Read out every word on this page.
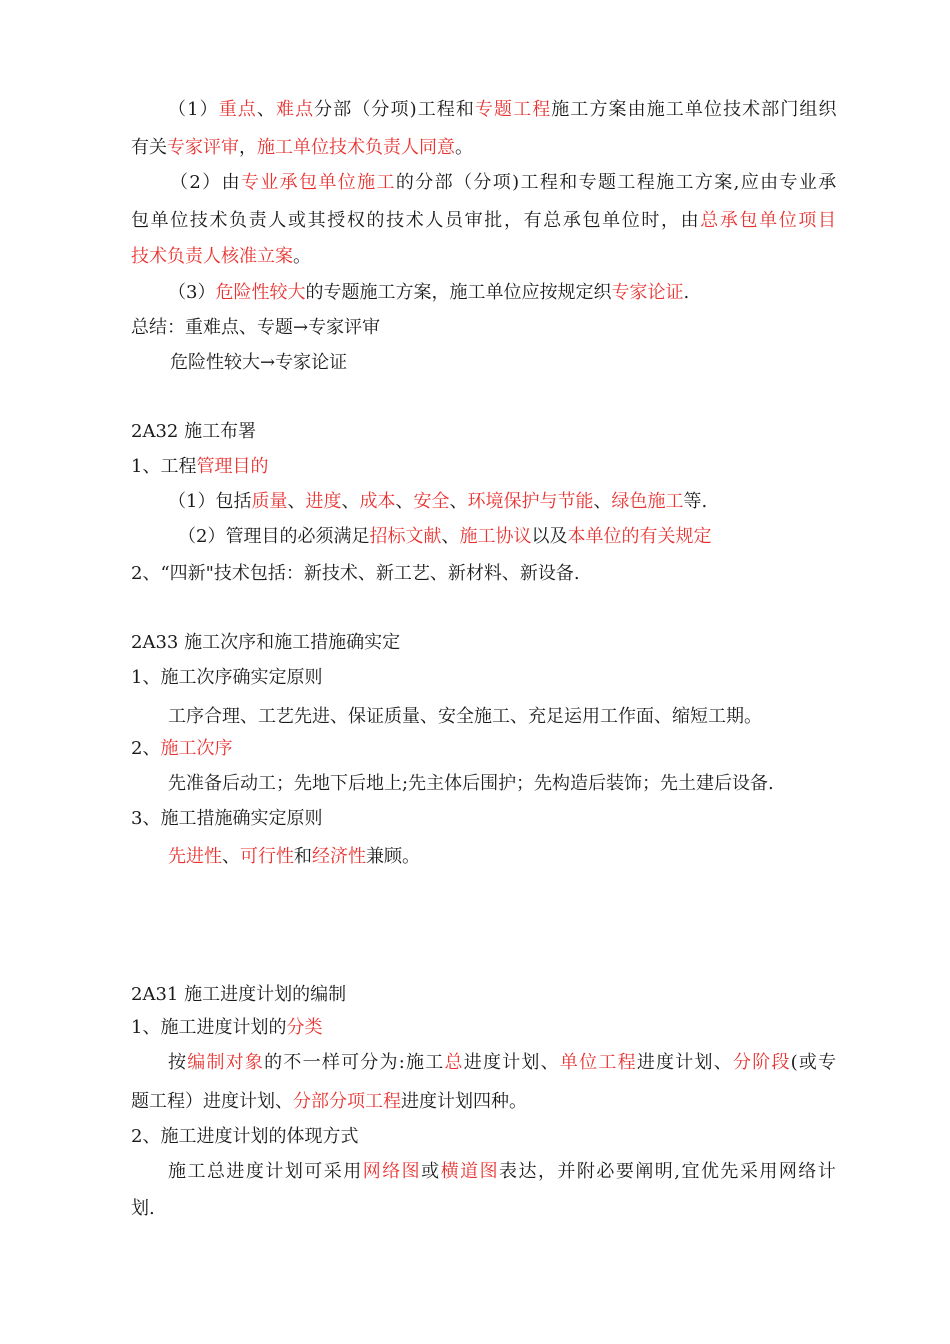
（1）重点、难点分部（分项)工程和专题工程施工方案由施工单位技术部门组织
有关专家评审，施工单位技术负责人同意。
（2）由专业承包单位施工的分部（分项)工程和专题工程施工方案,应由专业承
包单位技术负责人或其授权的技术人员审批，有总承包单位时，由总承包单位项目
技术负责人核准立案。
（3）危险性较大的专题施工方案，施工单位应按规定织专家论证.
总结：重难点、专题→专家评审
危险性较大→专家论证
2A32 施工布署
1、工程管理目的
（1）包括质量、进度、成本、安全、环境保护与节能、绿色施工等.
（2）管理目的必须满足招标文献、施工协议以及本单位的有关规定
2、“四新"技术包括：新技术、新工艺、新材料、新设备.
2A33 施工次序和施工措施确实定
1、施工次序确实定原则
工序合理、工艺先进、保证质量、安全施工、充足运用工作面、缩短工期。
2、施工次序
先准备后动工；先地下后地上;先主体后围护；先构造后装饰；先土建后设备.
3、施工措施确实定原则
先进性、可行性和经济性兼顾。
2A31 施工进度计划的编制
1、施工进度计划的分类
按编制对象的不一样可分为:施工总进度计划、单位工程进度计划、分阶段(或专
题工程）进度计划、分部分项工程进度计划四种。
2、施工进度计划的体现方式
施工总进度计划可采用网络图或横道图表达，并附必要阐明,宜优先采用网络计
划.
